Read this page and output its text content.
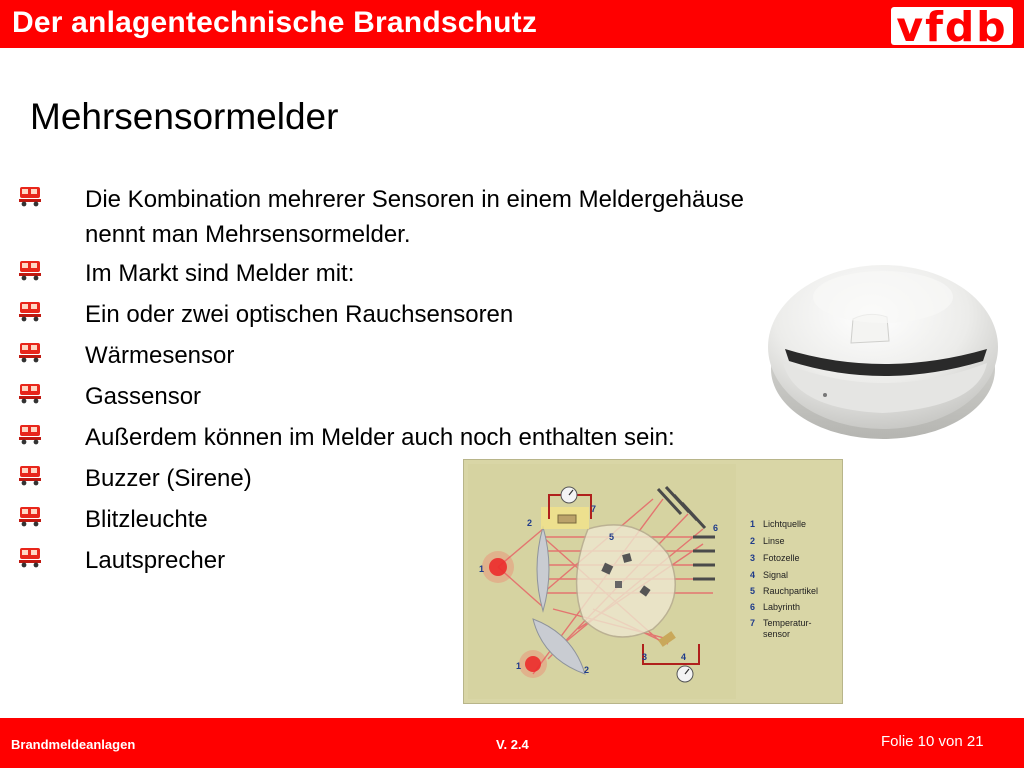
Der anlagentechnische Brandschutz	vfdb
Mehrsensormelder
Die Kombination mehrerer Sensoren in einem Meldergehäuse
nennt man Mehrsensormelder.
Im Markt sind Melder mit:
Ein oder zwei optischen Rauchsensoren
Wärmesensor
Gassensor
Außerdem können im Melder auch noch enthalten sein:
Buzzer (Sirene)
Blitzleuchte
Lautsprecher	1
1
2
2
3	4
5
6
7
1 Lichtquelle
2 Linse
3 Fotozelle
4 Signal
5 Rauchpartikel
6 Labyrinth
7 Temperatur-
sensor
Brandmeldeanlagen	V. 2.4	Folie 10 von 21
